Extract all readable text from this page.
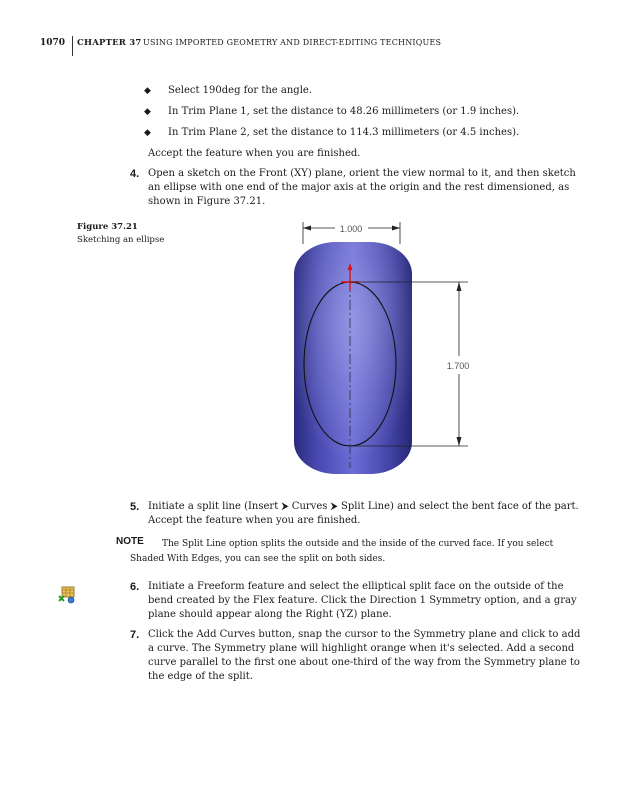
1070 CHAPTER 37 USING IMPORTED GEOMETRY AND DIRECT-EDITING TECHNIQUES
◆ Select 190deg for the angle.
◆ In Trim Plane 1, set the distance to 48.26 millimeters (or 1.9 inches).
◆ In Trim Plane 2, set the distance to 114.3 millimeters (or 4.5 inches).
Accept the feature when you are finished.
4. Open a sketch on the Front (XY) plane, orient the view normal to it, and then sketch an ellipse with one end of the major axis at the origin and the rest dimensioned, as shown in Figure 37.21.
Figure 37.21
Sketching an ellipse
1.000
1.700
5. Initiate a split line (Insert ⮞ Curves ⮞ Split Line) and select the bent face of the part. Accept the feature when you are finished.
NOTE	The Split Line option splits the outside and the inside of the curved face. If you select Shaded With Edges, you can see the split on both sides.
6. Initiate a Freeform feature and select the elliptical split face on the outside of the bend created by the Flex feature. Click the Direction 1 Symmetry option, and a gray plane should appear along the Right (YZ) plane.
7. Click the Add Curves button, snap the cursor to the Symmetry plane and click to add a curve. The Symmetry plane will highlight orange when it's selected. Add a second curve parallel to the first one about one-third of the way from the Symmetry plane to the edge of the split.
